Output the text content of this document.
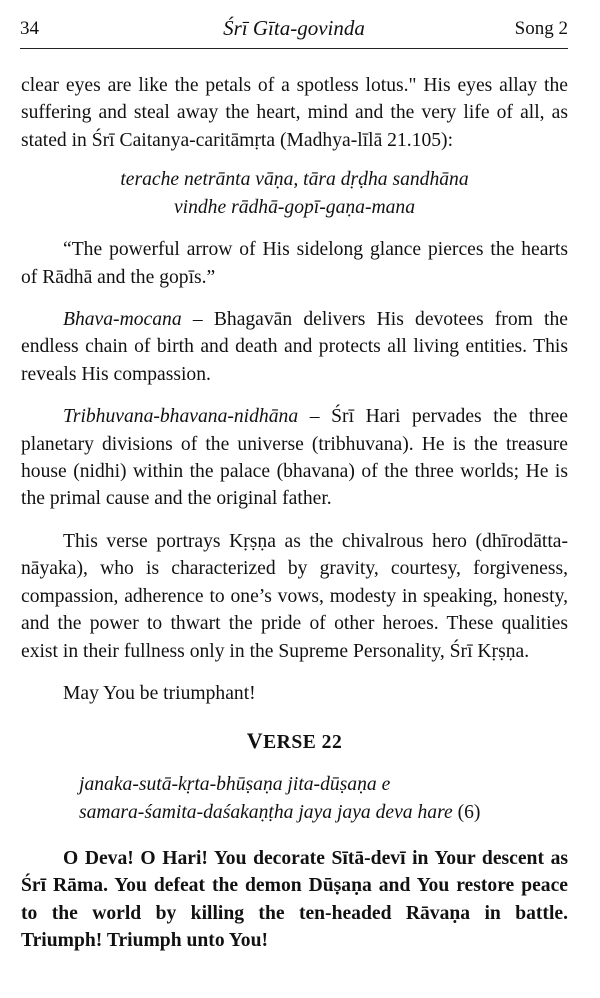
34	Śrī Gīta-govinda	Song 2

clear eyes are like the petals of a spotless lotus." His eyes allay the suffering and steal away the heart, mind and the very life of all, as stated in Śrī Caitanya-caritāmṛta (Madhya-līlā 21.105):

terache netrānta vāṇa, tāra dṛḍha sandhāna
vindhe rādhā-gopī-gaṇa-mana

“The powerful arrow of His sidelong glance pierces the hearts of Rādhā and the gopīs.”

Bhava-mocana – Bhagavān delivers His devotees from the endless chain of birth and death and protects all living entities. This reveals His compassion.

Tribhuvana-bhavana-nidhāna – Śrī Hari pervades the three planetary divisions of the universe (tribhuvana). He is the treasure house (nidhi) within the palace (bhavana) of the three worlds; He is the primal cause and the original father.

This verse portrays Kṛṣṇa as the chivalrous hero (dhīrodātta-nāyaka), who is characterized by gravity, courtesy, forgiveness, compassion, adherence to one’s vows, modesty in speaking, honesty, and the power to thwart the pride of other heroes. These qualities exist in their fullness only in the Supreme Personality, Śrī Kṛṣṇa.

May You be triumphant!

VERSE 22
janaka-sutā-kṛta-bhūṣaṇa jita-dūṣaṇa e
samara-śamita-daśakaṇṭha jaya jaya deva hare (6)

O Deva! O Hari! You decorate Sītā-devī in Your descent as Śrī Rāma. You defeat the demon Dūṣaṇa and You restore peace to the world by killing the ten-headed Rāvaṇa in battle. Triumph! Triumph unto You!
